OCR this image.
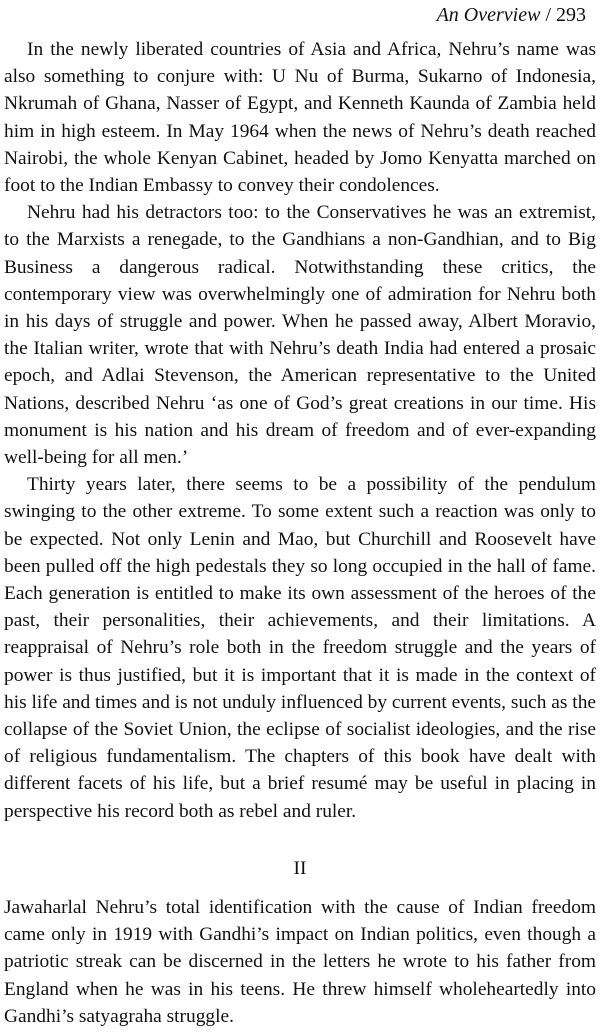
An Overview / 293

In the newly liberated countries of Asia and Africa, Nehru’s name was also something to conjure with: U Nu of Burma, Sukarno of Indonesia, Nkrumah of Ghana, Nasser of Egypt, and Kenneth Kaunda of Zambia held him in high esteem. In May 1964 when the news of Nehru’s death reached Nairobi, the whole Kenyan Cabinet, headed by Jomo Kenyatta marched on foot to the Indian Embassy to convey their condolences.

Nehru had his detractors too: to the Conservatives he was an extremist, to the Marxists a renegade, to the Gandhians a non-Gandhian, and to Big Business a dangerous radical. Notwithstanding these critics, the contemporary view was overwhelmingly one of admiration for Nehru both in his days of struggle and power. When he passed away, Albert Moravio, the Italian writer, wrote that with Nehru’s death India had entered a prosaic epoch, and Adlai Stevenson, the American representative to the United Nations, described Nehru ‘as one of God’s great creations in our time. His monument is his nation and his dream of freedom and of ever-expanding well-being for all men.’

Thirty years later, there seems to be a possibility of the pendulum swinging to the other extreme. To some extent such a reaction was only to be expected. Not only Lenin and Mao, but Churchill and Roosevelt have been pulled off the high pedestals they so long occupied in the hall of fame. Each generation is entitled to make its own assessment of the heroes of the past, their personalities, their achievements, and their limitations. A reappraisal of Nehru’s role both in the freedom struggle and the years of power is thus justified, but it is important that it is made in the context of his life and times and is not unduly influenced by current events, such as the collapse of the Soviet Union, the eclipse of socialist ideologies, and the rise of religious fundamentalism. The chapters of this book have dealt with different facets of his life, but a brief resumé may be useful in placing in perspective his record both as rebel and ruler.

II

Jawaharlal Nehru’s total identification with the cause of Indian freedom came only in 1919 with Gandhi’s impact on Indian politics, even though a patriotic streak can be discerned in the letters he wrote to his father from England when he was in his teens. He threw himself wholeheartedly into Gandhi’s satyagraha struggle.
